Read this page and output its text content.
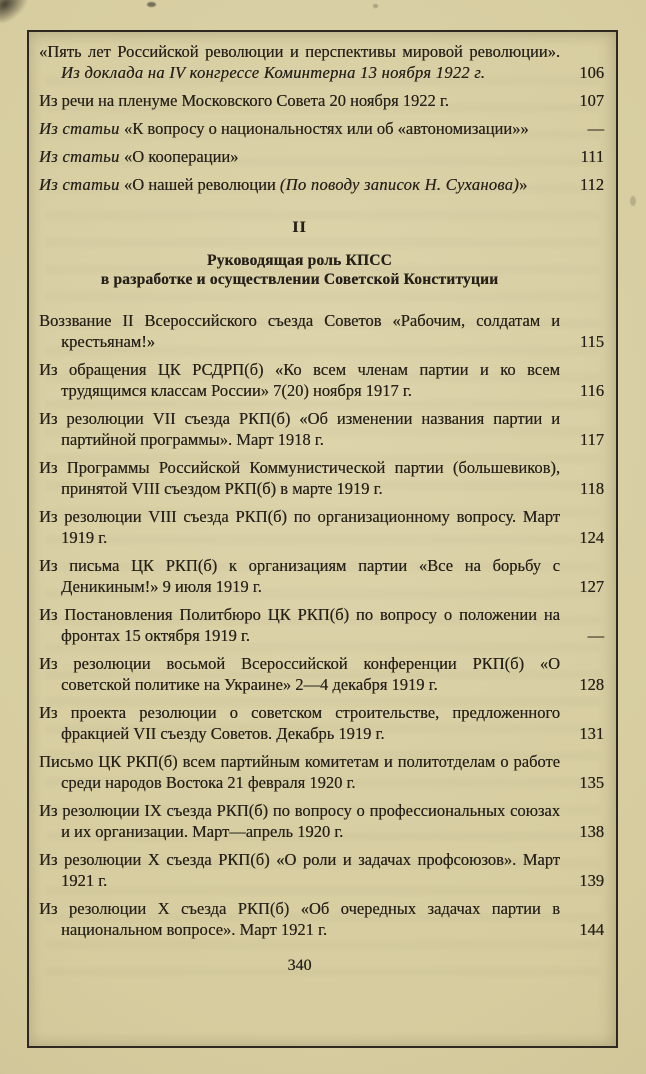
«Пять лет Российской революции и перспективы мировой революции». Из доклада на IV конгрессе Коминтерна 13 ноября 1922 г.	106
Из речи на пленуме Московского Совета 20 ноября 1922 г.	107
Из статьи «К вопросу о национальностях или об «автономизации»»	—
Из статьи «О кооперации»	111
Из статьи «О нашей революции (По поводу записок Н. Суханова)»	112
II
Руководящая роль КПСС
в разработке и осуществлении Советской Конституции
Воззвание II Всероссийского съезда Советов «Рабочим, солдатам и крестьянам!»	115
Из обращения ЦК РСДРП(б) «Ко всем членам партии и ко всем трудящимся классам России» 7(20) ноября 1917 г.	116
Из резолюции VII съезда РКП(б) «Об изменении названия партии и партийной программы». Март 1918 г.	117
Из Программы Российской Коммунистической партии (большевиков), принятой VIII съездом РКП(б) в марте 1919 г.	118
Из резолюции VIII съезда РКП(б) по организационному вопросу. Март 1919 г.	124
Из письма ЦК РКП(б) к организациям партии «Все на борьбу с Деникиным!» 9 июля 1919 г.	127
Из Постановления Политбюро ЦК РКП(б) по вопросу о положении на фронтах 15 октября 1919 г.	—
Из резолюции восьмой Всероссийской конференции РКП(б) «О советской политике на Украине» 2—4 декабря 1919 г.	128
Из проекта резолюции о советском строительстве, предложенного фракцией VII съезду Советов. Декабрь 1919 г.	131
Письмо ЦК РКП(б) всем партийным комитетам и политотделам о работе среди народов Востока 21 февраля 1920 г.	135
Из резолюции IX съезда РКП(б) по вопросу о профессиональных союзах и их организации. Март—апрель 1920 г.	138
Из резолюции X съезда РКП(б) «О роли и задачах профсоюзов». Март 1921 г.	139
Из резолюции X съезда РКП(б) «Об очередных задачах партии в национальном вопросе». Март 1921 г.	144
340
